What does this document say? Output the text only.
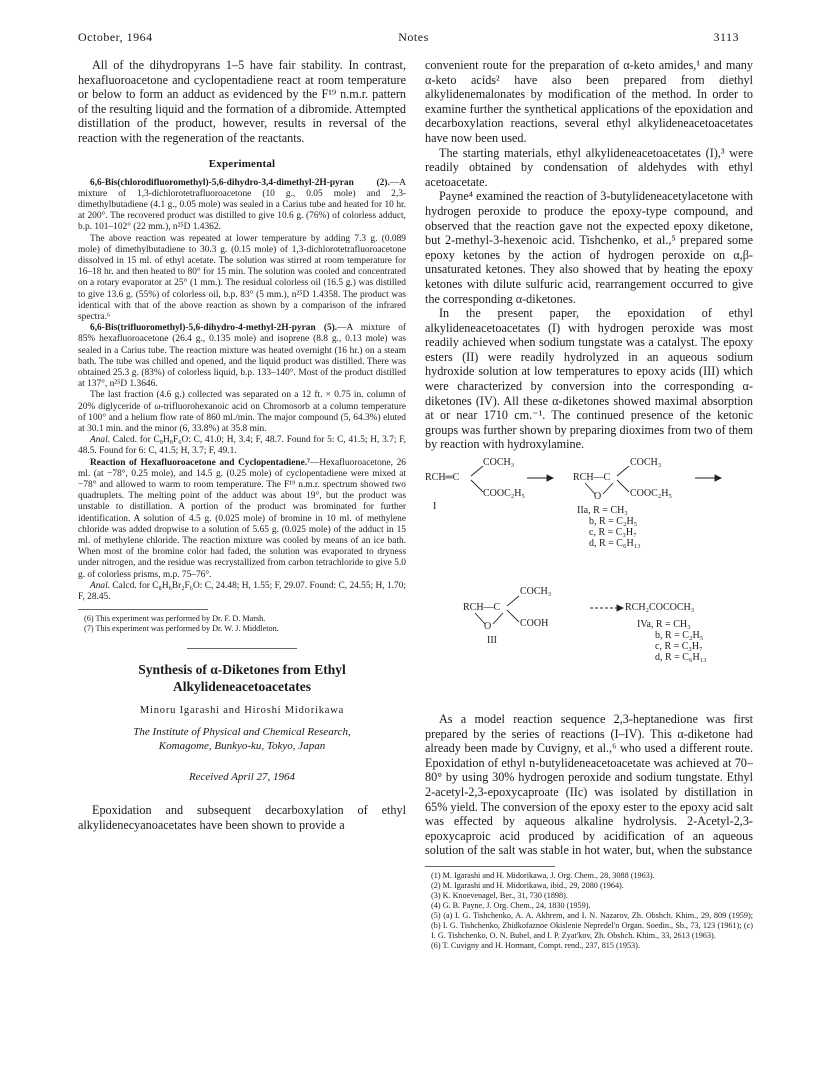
October, 1964	Notes	3113

All of the dihydropyrans 1–5 have fair stability. In contrast, hexafluoroacetone and cyclopentadiene react at room temperature or below to form an adduct as evidenced by the F¹⁹ n.m.r. pattern of the resulting liquid and the formation of a dibromide. Attempted distillation of the product, however, results in reversal of the reaction with the regeneration of the reactants.

Experimental

6,6-Bis(chlorodifluoromethyl)-5,6-dihydro-3,4-dimethyl-2H-pyran (2).—A mixture of 1,3-dichlorotetrafluoroacetone (10 g., 0.05 mole) and 2,3-dimethylbutadiene (4.1 g., 0.05 mole) was sealed in a Carius tube and heated for 10 hr. at 200°. The recovered product was distilled to give 10.6 g. (76%) of colorless adduct, b.p. 101–102° (22 mm.), n²⁵D 1.4362.

The above reaction was repeated at lower temperature by adding 7.3 g. (0.089 mole) of dimethylbutadiene to 30.3 g. (0.15 mole) of 1,3-dichlorotetrafluoroacetone dissolved in 15 ml. of ethyl acetate. The solution was stirred at room temperature for 16–18 hr. and then heated to 80° for 15 min. The solution was cooled and concentrated on a rotary evaporator at 25° (1 mm.). The residual colorless oil (16.5 g.) was distilled to give 13.6 g. (55%) of colorless oil, b.p. 83° (5 mm.), n²⁵D 1.4358. The product was identical with that of the above reaction as shown by a comparison of the infrared spectra.⁶

6,6-Bis(trifluoromethyl)-5,6-dihydro-4-methyl-2H-pyran (5).—A mixture of 85% hexafluoroacetone (26.4 g., 0.135 mole) and isoprene (8.8 g., 0.13 mole) was sealed in a Carius tube. The reaction mixture was heated overnight (16 hr.) on a steam bath. The tube was chilled and opened, and the liquid product was distilled. There was obtained 25.3 g. (83%) of colorless liquid, b.p. 133–140°. Most of the product distilled at 137°, n²⁵D 1.3646.

The last fraction (4.6 g.) collected was separated on a 12 ft. × 0.75 in. column of 20% diglyceride of ω-trifluorohexanoic acid on Chromosorb at a column temperature of 100° and a helium flow rate of 860 ml./min. The major compound (5, 64.3%) eluted at 30.1 min. and the minor (6, 33.8%) at 35.8 min.

Anal. Calcd. for C₈H₈F₆O: C, 41.0; H, 3.4; F, 48.7. Found for 5: C, 41.5; H, 3.7; F, 48.5. Found for 6: C, 41.5; H, 3.7; F, 49.1.

Reaction of Hexafluoroacetone and Cyclopentadiene.⁷—Hexafluoroacetone, 26 ml. (at −78°, 0.25 mole), and 14.5 g. (0.25 mole) of cyclopentadiene were mixed at −78° and allowed to warm to room temperature. The F¹⁹ n.m.r. spectrum showed two quadruplets. The melting point of the adduct was about 19°, but the product was unstable to distillation. A portion of the product was brominated for further identification. A solution of 4.5 g. (0.025 mole) of bromine in 10 ml. of methylene chloride was added dropwise to a solution of 5.65 g. (0.025 mole) of the adduct in 15 ml. of methylene chloride. The reaction mixture was cooled by means of an ice bath. When most of the bromine color had faded, the solution was evaporated to dryness under nitrogen, and the residue was recrystallized from carbon tetrachloride to give 5.0 g. of colorless prisms, m.p. 75–76°.

Anal. Calcd. for C₈H₆Br₂F₆O: C, 24.48; H, 1.55; F, 29.07. Found: C, 24.55; H, 1.70; F, 28.45.

(6) This experiment was performed by Dr. F. D. Marsh.

(7) This experiment was performed by Dr. W. J. Middleton.

Synthesis of α-Diketones from Ethyl
Alkylideneacetoacetates
Minoru Igarashi and Hiroshi Midorikawa
The Institute of Physical and Chemical Research,
Komagome, Bunkyo-ku, Tokyo, Japan
Received April 27, 1964

Epoxidation and subsequent decarboxylation of ethyl alkylidenecyanoacetates have been shown to provide a

convenient route for the preparation of α-keto amides,¹ and many α-keto acids² have also been prepared from diethyl alkylidenemalonates by modification of the method. In order to examine further the synthetical applications of the epoxidation and decarboxylation reactions, several ethyl alkylideneacetoacetates have now been used.

The starting materials, ethyl alkylideneacetoacetates (I),³ were readily obtained by condensation of aldehydes with ethyl acetoacetate.

Payne⁴ examined the reaction of 3-butylideneacetylacetone with hydrogen peroxide to produce the epoxy-type compound, and observed that the reaction gave not the expected epoxy diketone, but 2-methyl-3-hexenoic acid. Tishchenko, et al.,⁵ prepared some epoxy ketones by the action of hydrogen peroxide on α,β-unsaturated ketones. They also showed that by heating the epoxy ketones with dilute sulfuric acid, rearrangement occurred to give the corresponding α-diketones.

In the present paper, the epoxidation of ethyl alkylideneacetoacetates (I) with hydrogen peroxide was most readily achieved when sodium tungstate was a catalyst. The epoxy esters (II) were readily hydrolyzed in an aqueous sodium hydroxide solution at low temperatures to epoxy acids (III) which were characterized by conversion into the corresponding α-diketones (IV). All these α-diketones showed maximal absorption at or near 1710 cm.⁻¹. The continued presence of the ketonic groups was further shown by preparing dioximes from two of them by reaction with hydroxylamine.

COCH₃
RCH═C
COOC₂H₅
I
COCH₃
RCH—C
O	COOC₂H₅
IIa, R = CH₃
b, R = C₂H₅
c, R = C₃H₇
d, R = C₆H₁₃
COCH₃
RCH—C
O	COOH
III
RCH₂COCOCH₃
IVa, R = CH₃
b, R = C₂H₅
c, R = C₃H₇
d, R = C₆H₁₃

As a model reaction sequence 2,3-heptanedione was first prepared by the series of reactions (I–IV). This α-diketone had already been made by Cuvigny, et al.,⁶ who used a different route. Epoxidation of ethyl n-butylideneacetoacetate was achieved at 70–80° by using 30% hydrogen peroxide and sodium tungstate. Ethyl 2-acetyl-2,3-epoxycaproate (IIc) was isolated by distillation in 65% yield. The conversion of the epoxy ester to the epoxy acid salt was effected by aqueous alkaline hydrolysis. 2-Acetyl-2,3-epoxycaproic acid produced by acidification of an aqueous solution of the salt was stable in hot water, but, when the substance

(1) M. Igarashi and H. Midorikawa, J. Org. Chem., 28, 3088 (1963).

(2) M. Igarashi and H. Midorikawa, ibid., 29, 2080 (1964).

(3) K. Knoevenagel, Ber., 31, 730 (1898).

(4) G. B. Payne, J. Org. Chem., 24, 1830 (1959).

(5) (a) I. G. Tishchenko, A. A. Akhrem, and I. N. Nazarov, Zh. Obshch. Khim., 29, 809 (1959); (b) I. G. Tishchenko, Zhidkofaznoe Okislenie Nepredel'n Organ. Soedin., Sb., 73, 123 (1961); (c) I. G. Tishchenko, O. N. Bubel, and I. P. Zyat'kov, Zh. Obshch. Khim., 33, 2613 (1963).

(6) T. Cuvigny and H. Hormant, Compt. rend., 237, 815 (1953).
